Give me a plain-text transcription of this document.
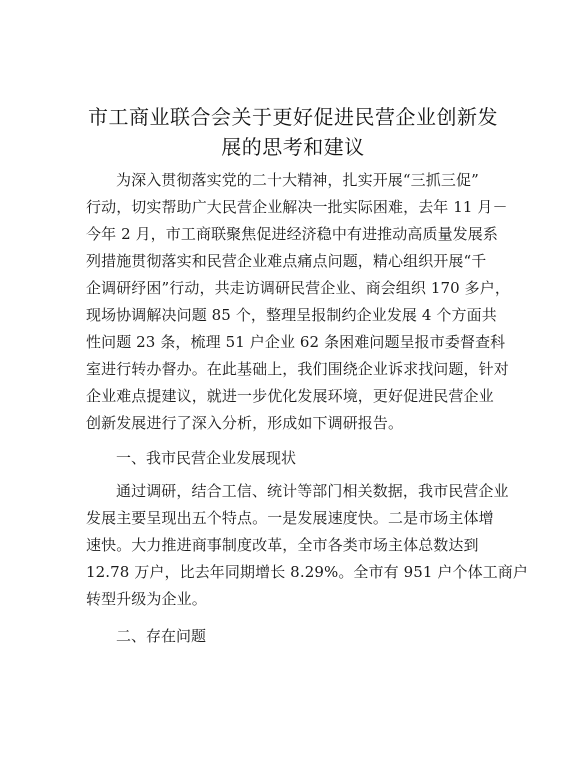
市工商业联合会关于更好促进民营企业创新发
展的思考和建议
为深入贯彻落实党的二十大精神，扎实开展“三抓三促”
行动，切实帮助广大民营企业解决一批实际困难，去年 11 月－
今年 2 月，市工商联聚焦促进经济稳中有进推动高质量发展系
列措施贯彻落实和民营企业难点痛点问题，精心组织开展“千
企调研纾困”行动，共走访调研民营企业、商会组织 170 多户，
现场协调解决问题 85 个，整理呈报制约企业发展 4 个方面共
性问题 23 条，梳理 51 户企业 62 条困难问题呈报市委督查科
室进行转办督办。在此基础上，我们围绕企业诉求找问题，针对
企业难点提建议，就进一步优化发展环境，更好促进民营企业
创新发展进行了深入分析，形成如下调研报告。
一、我市民营企业发展现状
通过调研，结合工信、统计等部门相关数据，我市民营企业
发展主要呈现出五个特点。一是发展速度快。二是市场主体增
速快。大力推进商事制度改革，全市各类市场主体总数达到
12.78 万户，比去年同期增长 8.29%。全市有 951 户个体工商户
转型升级为企业。
二、存在问题
